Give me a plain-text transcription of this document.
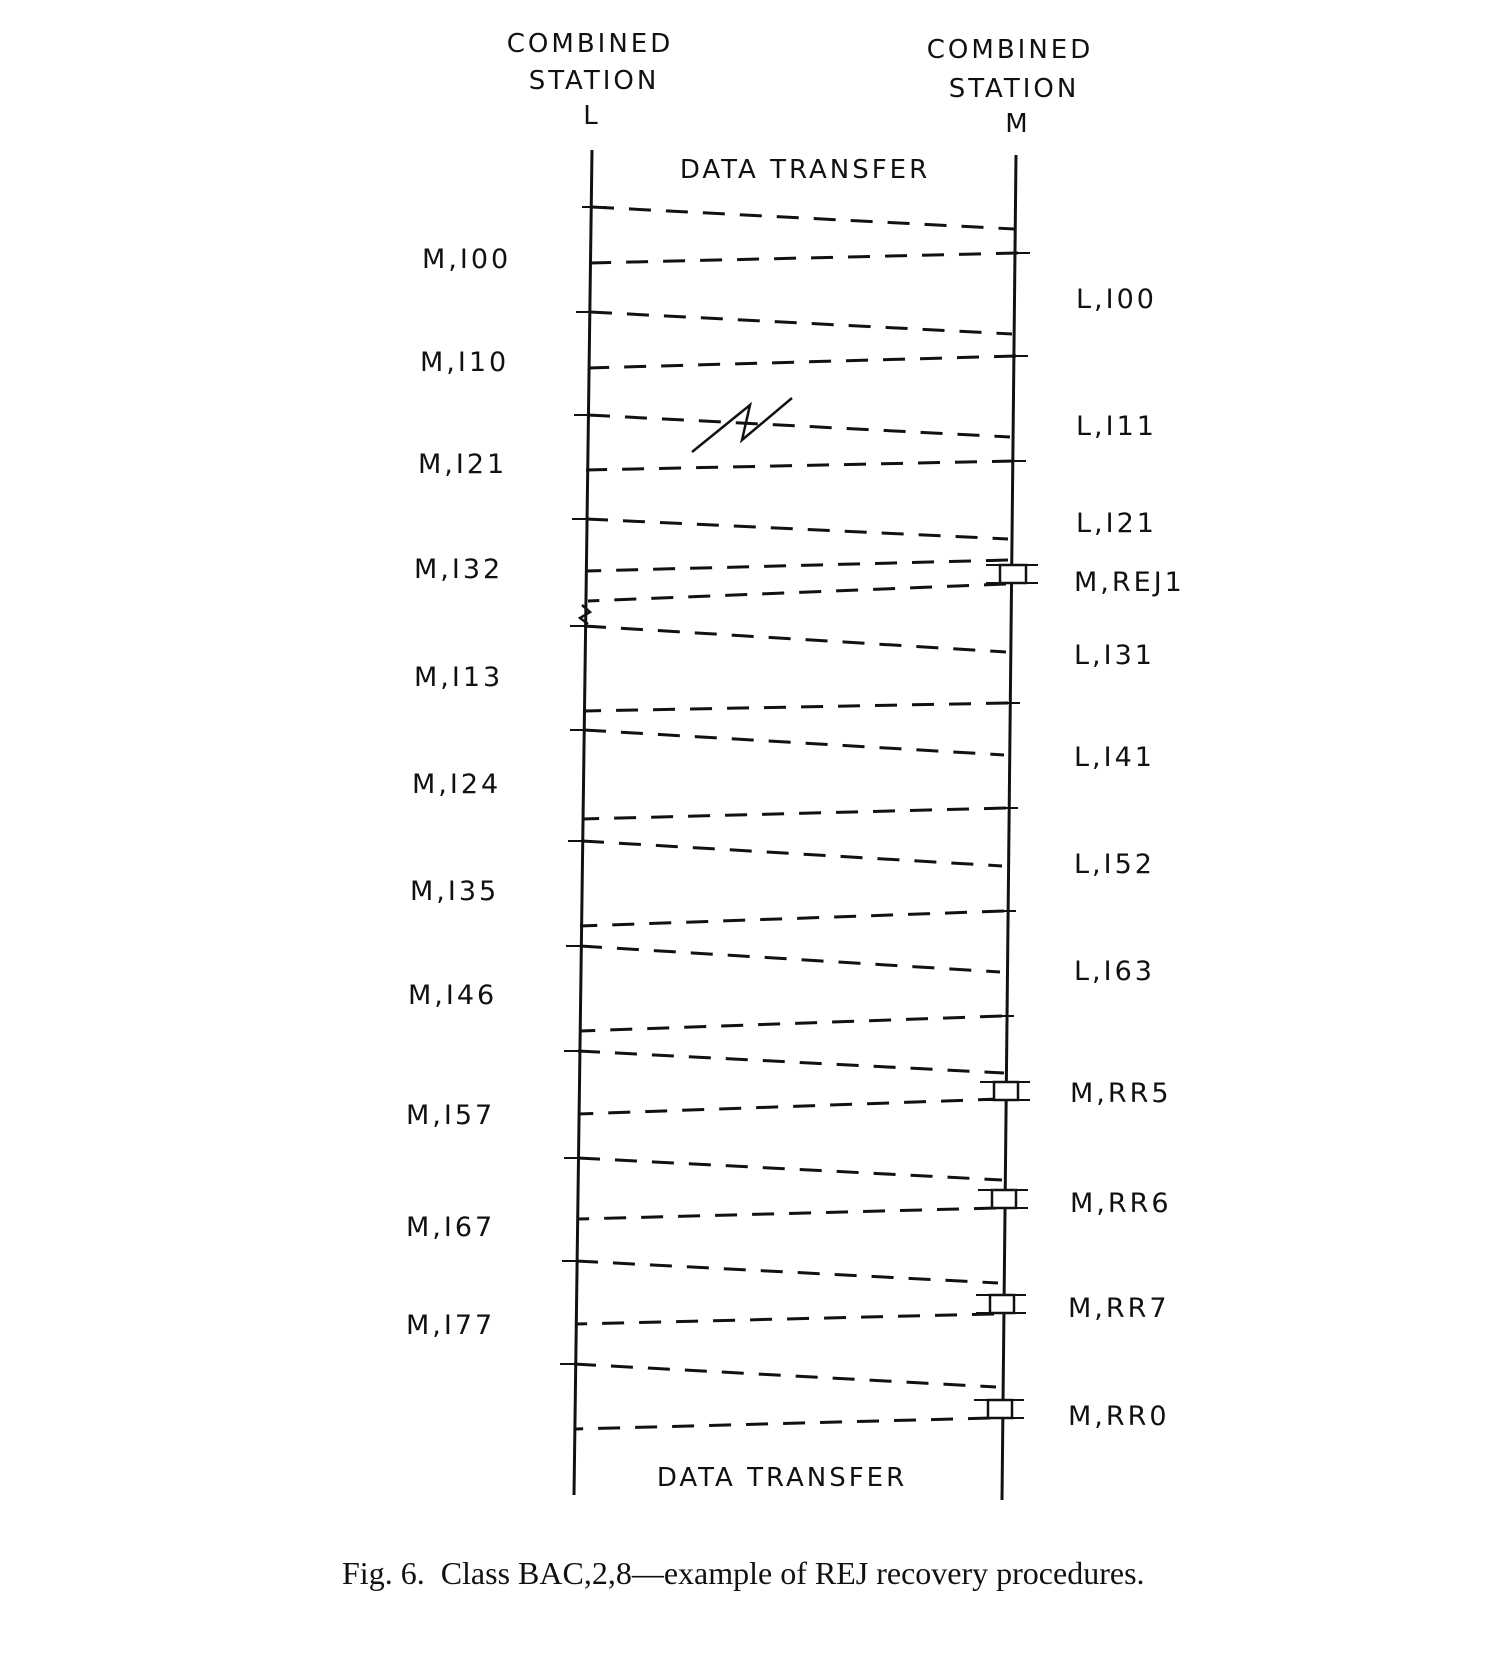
COMBINED
STATION
L
COMBINED
STATION
M
DATA TRANSFER
DATA TRANSFER
M,I00
M,I10
M,I21
M,I32
M,I13
M,I24
M,I35
M,I46
M,I57
M,I67
M,I77
L,I00
L,I11
L,I21
M,REJ1
L,I31
L,I41
L,I52
L,I63
M,RR5
M,RR6
M,RR7
M,RR0
Fig. 6.  Class BAC,2,8—example of REJ recovery procedures.
